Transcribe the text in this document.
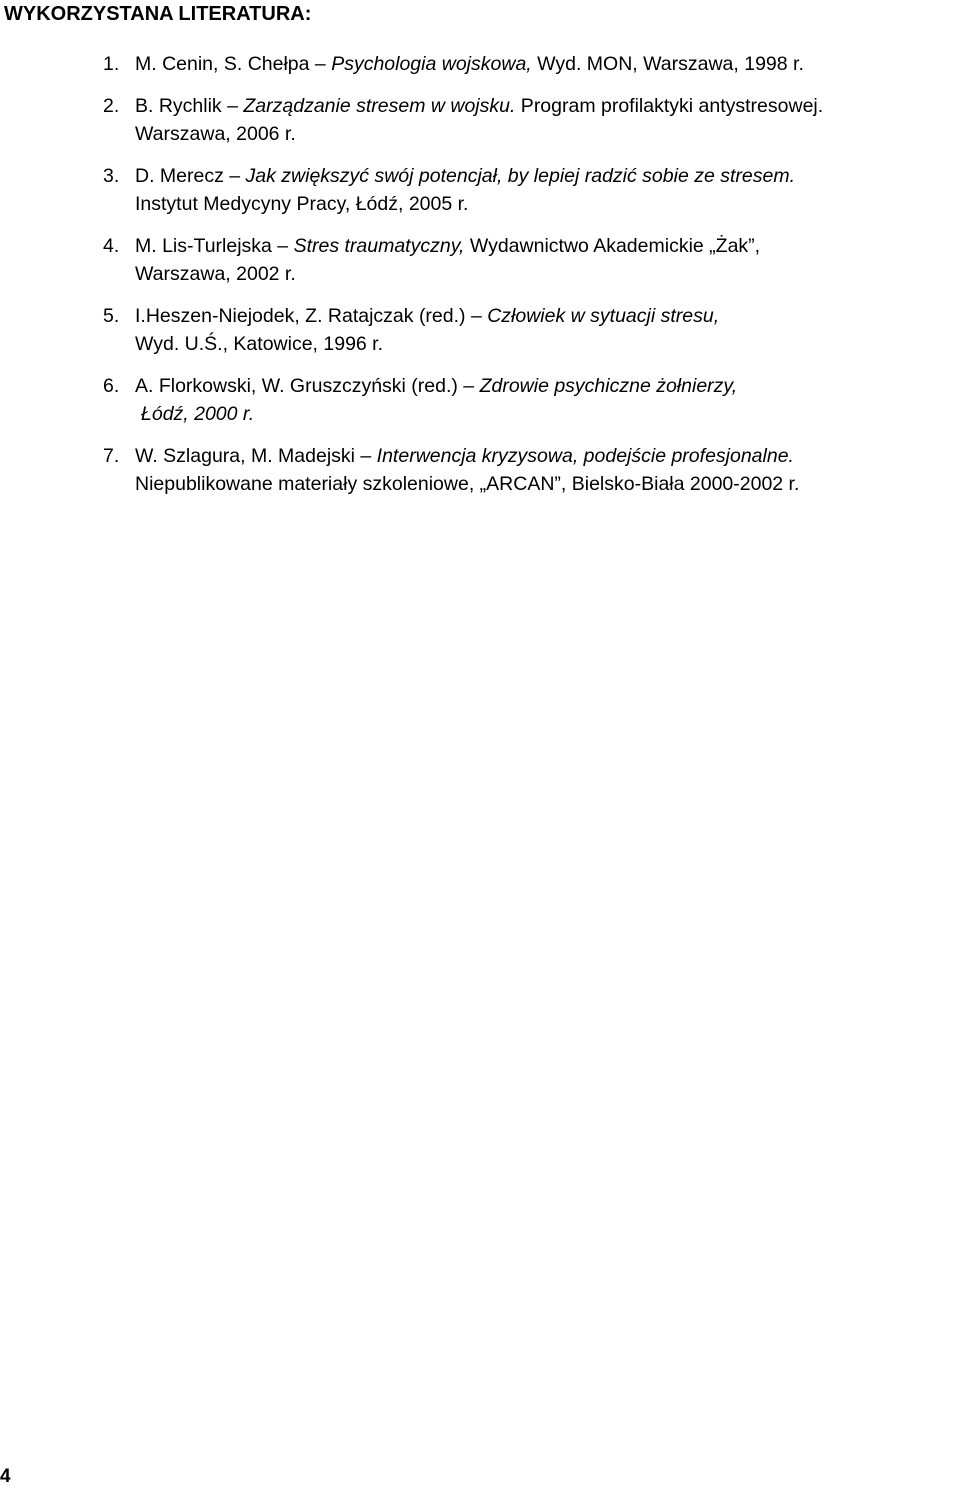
WYKORZYSTANA LITERATURA:
1. M. Cenin, S. Chełpa – Psychologia wojskowa, Wyd. MON, Warszawa, 1998 r.
2. B. Rychlik – Zarządzanie stresem w wojsku. Program profilaktyki antystresowej.
Warszawa, 2006 r.
3. D. Merecz – Jak zwiększyć swój potencjał, by lepiej radzić sobie ze stresem.
Instytut Medycyny Pracy, Łódź, 2005 r.
4. M. Lis-Turlejska – Stres traumatyczny, Wydawnictwo Akademickie „Żak”,
Warszawa, 2002 r.
5. I.Heszen-Niejodek, Z. Ratajczak (red.) – Człowiek w sytuacji stresu,
Wyd. U.Ś., Katowice, 1996 r.
6. A. Florkowski, W. Gruszczyński (red.) – Zdrowie psychiczne żołnierzy,
Łódź, 2000 r.
7. W. Szlagura, M. Madejski – Interwencja kryzysowa, podejście profesjonalne.
Niepublikowane materiały szkoleniowe, „ARCAN”, Bielsko-Biała 2000-2002 r.

4
